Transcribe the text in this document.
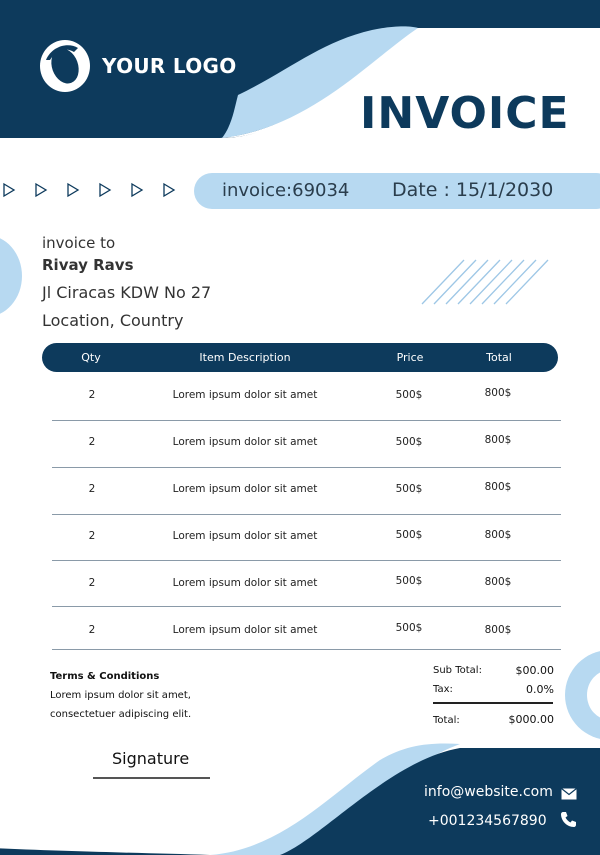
YOUR LOGO
INVOICE
invoice:69034 Date : 15/1/2030
invoice to
Rivay Ravs
Jl Ciracas KDW No 27
Location, Country
Qty	Item Description	Price	Total
2	Lorem ipsum dolor sit amet	500$	800$
2	Lorem ipsum dolor sit amet	500$	800$
2	Lorem ipsum dolor sit amet	500$	800$
2	Lorem ipsum dolor sit amet	500$	800$
2	Lorem ipsum dolor sit amet	500$	800$
2	Lorem ipsum dolor sit amet	500$	800$
Terms & Conditions
Lorem ipsum dolor sit amet,
consectetuer adipiscing elit.
Sub Total:	$00.00
Tax:	0.0%
Total:	$000.00
Signature
info@website.com
+001234567890
